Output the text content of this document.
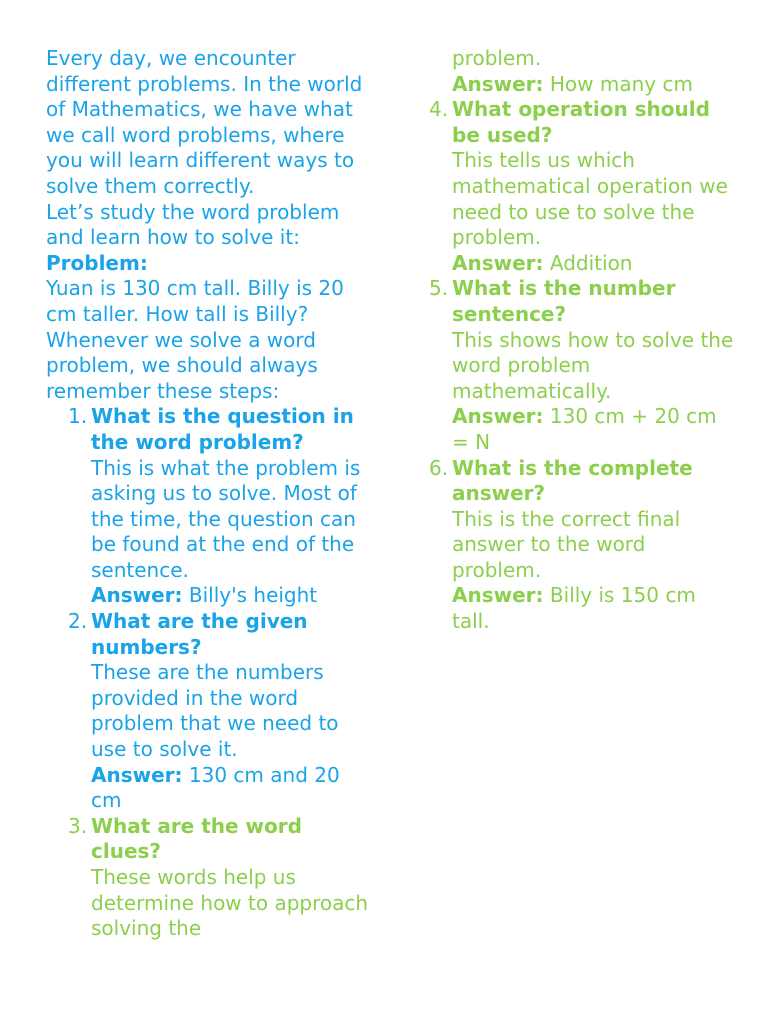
Every day, we encounter different problems. In the world of Mathematics, we have what we call word problems, where you will learn different ways to solve them correctly.

Let’s study the word problem and learn how to solve it:

Problem:

Yuan is 130 cm tall. Billy is 20 cm taller. How tall is Billy?

Whenever we solve a word problem, we should always remember these steps:

1. What is the question in the word problem?
This is what the problem is asking us to solve. Most of the time, the question can be found at the end of the sentence.
Answer: Billy's height
2. What are the given numbers?
These are the numbers provided in the word problem that we need to use to solve it.
Answer: 130 cm and 20 cm
3. What are the word clues?
These words help us determine how to approach solving the
problem.
Answer: How many cm
4. What operation should be used?
This tells us which mathematical operation we need to use to solve the problem.
Answer: Addition
5. What is the number sentence?
This shows how to solve the word problem mathematically.
Answer: 130 cm + 20 cm = N
6. What is the complete answer?
This is the correct final answer to the word problem.
Answer: Billy is 150 cm tall.
